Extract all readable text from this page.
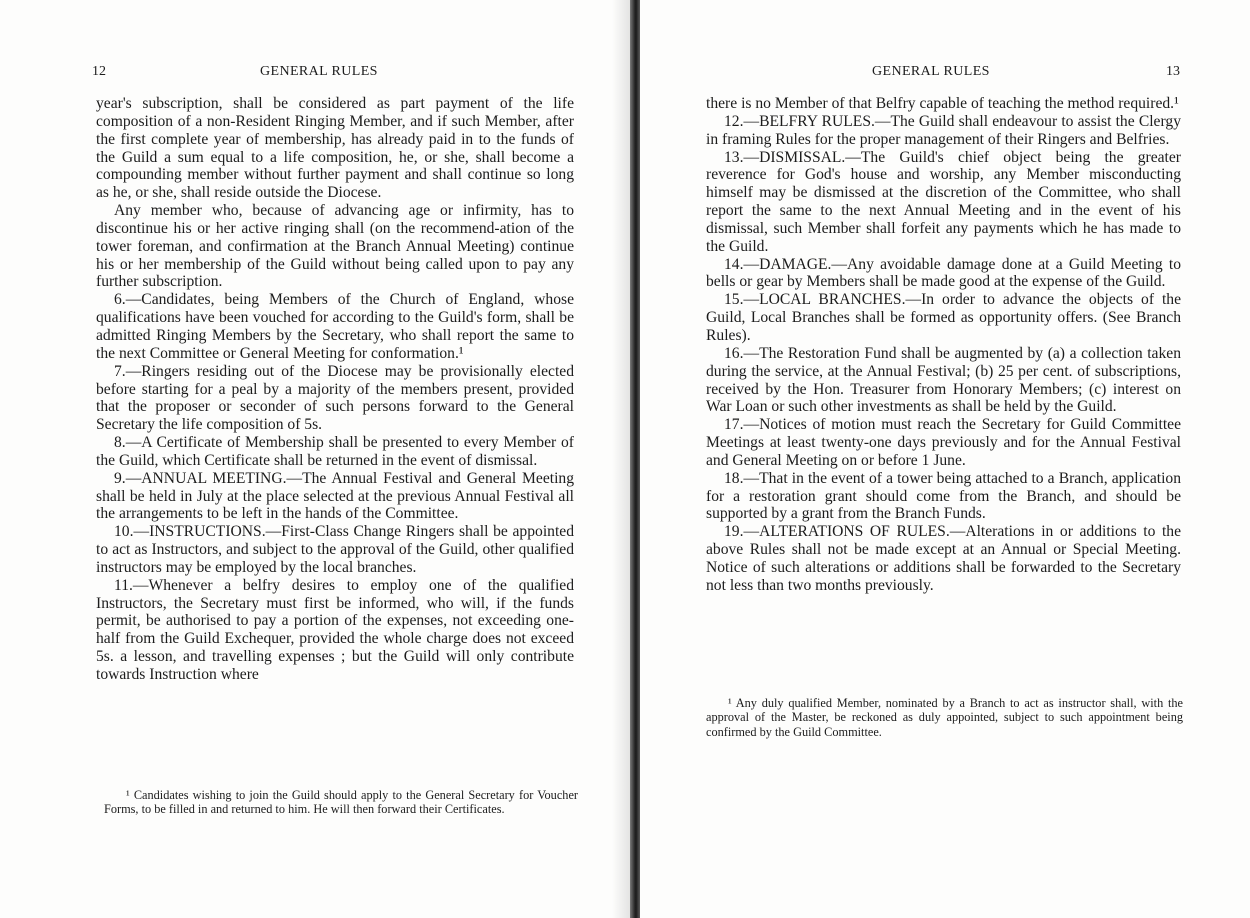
12	GENERAL RULES

year's subscription, shall be considered as part payment of the life composition of a non-Resident Ringing Member, and if such Member, after the first complete year of membership, has already paid in to the funds of the Guild a sum equal to a life composition, he, or she, shall become a compounding member without further payment and shall continue so long as he, or she, shall reside outside the Diocese.

Any member who, because of advancing age or infirmity, has to discontinue his or her active ringing shall (on the recommend-ation of the tower foreman, and confirmation at the Branch Annual Meeting) continue his or her membership of the Guild without being called upon to pay any further subscription.

6.—Candidates, being Members of the Church of England, whose qualifications have been vouched for according to the Guild's form, shall be admitted Ringing Members by the Secretary, who shall report the same to the next Committee or General Meeting for conformation.¹

7.—Ringers residing out of the Diocese may be provisionally elected before starting for a peal by a majority of the members present, provided that the proposer or seconder of such persons forward to the General Secretary the life composition of 5s.

8.—A Certificate of Membership shall be presented to every Member of the Guild, which Certificate shall be returned in the event of dismissal.

9.—ANNUAL MEETING.—The Annual Festival and General Meeting shall be held in July at the place selected at the previous Annual Festival all the arrangements to be left in the hands of the Committee.

10.—INSTRUCTIONS.—First-Class Change Ringers shall be appointed to act as Instructors, and subject to the approval of the Guild, other qualified instructors may be employed by the local branches.

11.—Whenever a belfry desires to employ one of the qualified Instructors, the Secretary must first be informed, who will, if the funds permit, be authorised to pay a portion of the expenses, not exceeding one-half from the Guild Exchequer, provided the whole charge does not exceed 5s. a lesson, and travelling expenses ; but the Guild will only contribute towards Instruction where

¹ Candidates wishing to join the Guild should apply to the General Secretary for Voucher Forms, to be filled in and returned to him. He will then forward their Certificates.

GENERAL RULES	13

there is no Member of that Belfry capable of teaching the method required.¹

12.—BELFRY RULES.—The Guild shall endeavour to assist the Clergy in framing Rules for the proper management of their Ringers and Belfries.

13.—DISMISSAL.—The Guild's chief object being the greater reverence for God's house and worship, any Member misconducting himself may be dismissed at the discretion of the Committee, who shall report the same to the next Annual Meeting and in the event of his dismissal, such Member shall forfeit any payments which he has made to the Guild.

14.—DAMAGE.—Any avoidable damage done at a Guild Meeting to bells or gear by Members shall be made good at the expense of the Guild.

15.—LOCAL BRANCHES.—In order to advance the objects of the Guild, Local Branches shall be formed as opportunity offers. (See Branch Rules).

16.—The Restoration Fund shall be augmented by (a) a collection taken during the service, at the Annual Festival; (b) 25 per cent. of subscriptions, received by the Hon. Treasurer from Honorary Members; (c) interest on War Loan or such other investments as shall be held by the Guild.

17.—Notices of motion must reach the Secretary for Guild Committee Meetings at least twenty-one days previously and for the Annual Festival and General Meeting on or before 1 June.

18.—That in the event of a tower being attached to a Branch, application for a restoration grant should come from the Branch, and should be supported by a grant from the Branch Funds.

19.—ALTERATIONS OF RULES.—Alterations in or additions to the above Rules shall not be made except at an Annual or Special Meeting. Notice of such alterations or additions shall be forwarded to the Secretary not less than two months previously.

¹ Any duly qualified Member, nominated by a Branch to act as instructor shall, with the approval of the Master, be reckoned as duly appointed, subject to such appointment being confirmed by the Guild Committee.
